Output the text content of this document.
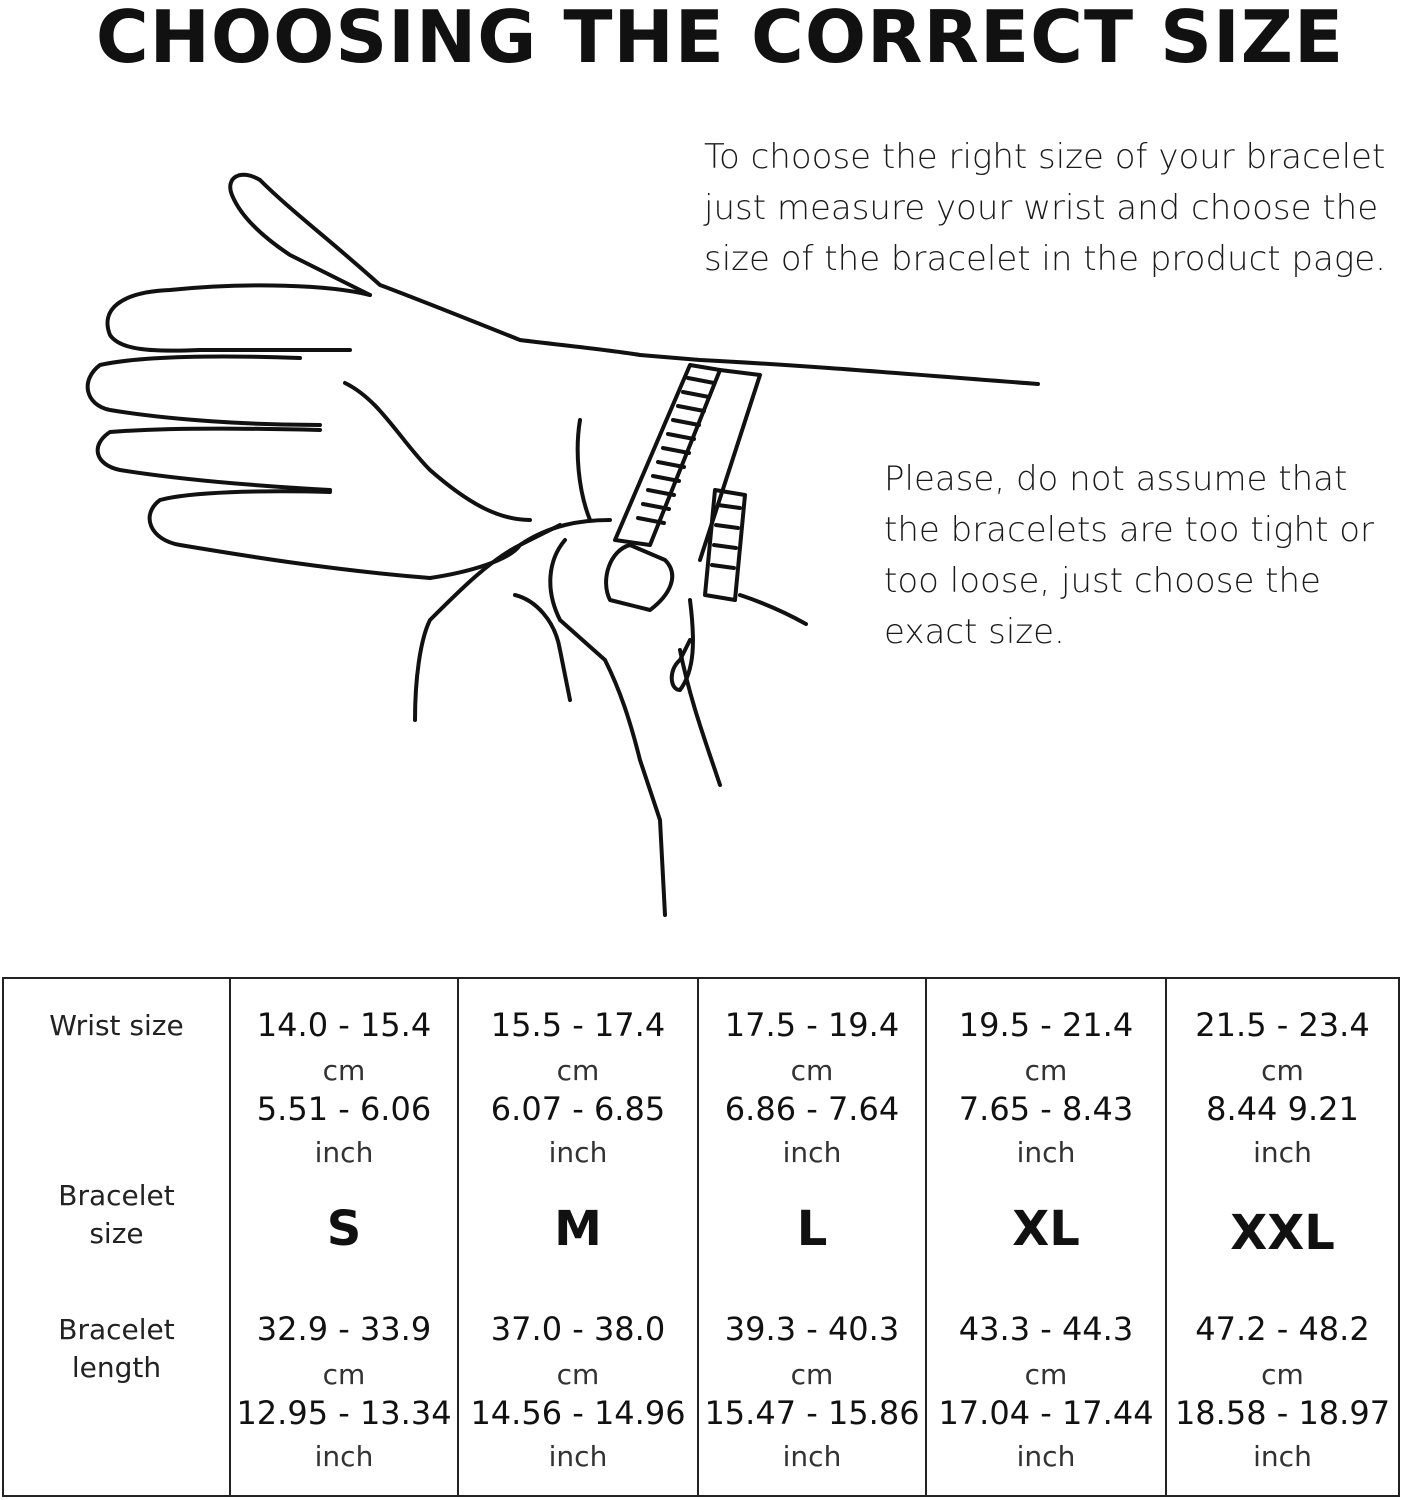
CHOOSING THE CORRECT SIZE
To choose the right size of your bracelet
just measure your wrist and choose the
size of the bracelet in the product page.
Please, do not assume that
the bracelets are too tight or
too loose, just choose the
exact size.
Wrist size
Bracelet
size
Bracelet
length
14.0 - 15.4
cm
5.51 - 6.06
inch
S
32.9 - 33.9
cm
12.95 - 13.34
inch
15.5 - 17.4
cm
6.07 - 6.85
inch
M
37.0 - 38.0
cm
14.56 - 14.96
inch
17.5 - 19.4
cm
6.86 - 7.64
inch
L
39.3 - 40.3
cm
15.47 - 15.86
inch
19.5 - 21.4
cm
7.65 - 8.43
inch
XL
43.3 - 44.3
cm
17.04 - 17.44
inch
21.5 - 23.4
cm
8.44 9.21
inch
XXL
47.2 - 48.2
cm
18.58 - 18.97
inch
